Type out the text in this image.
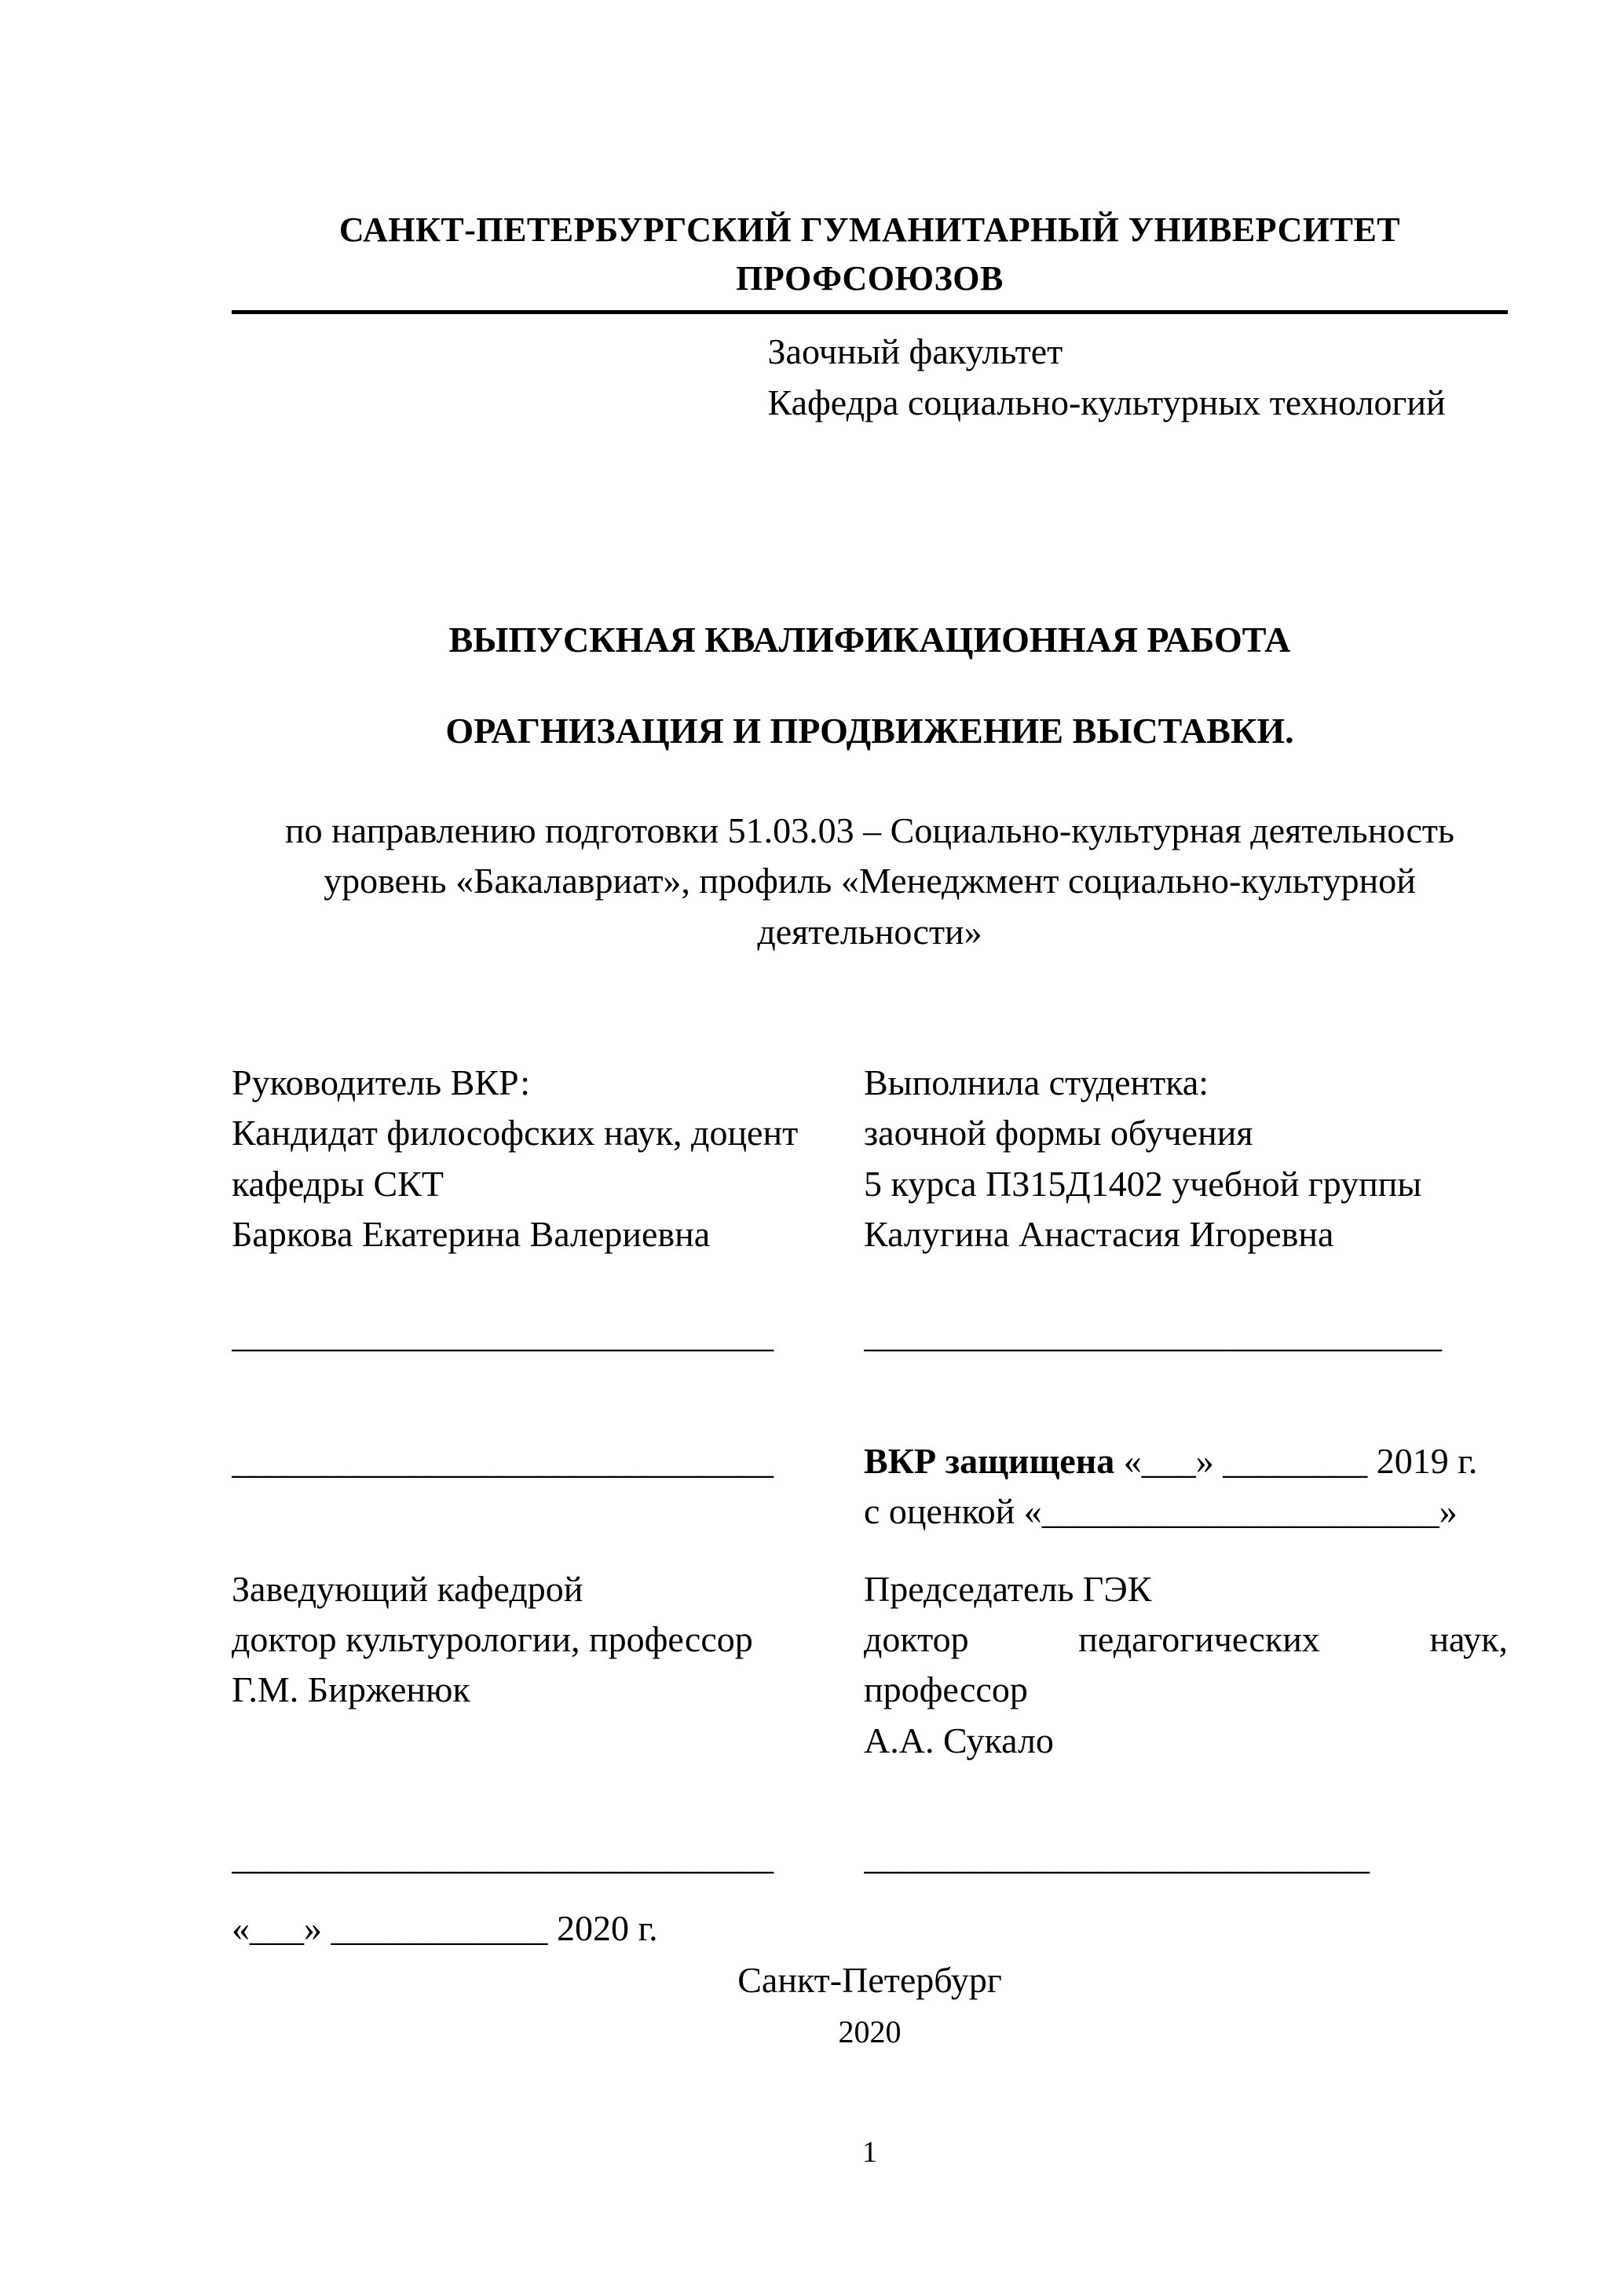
САНКТ-ПЕТЕРБУРГСКИЙ ГУМАНИТАРНЫЙ УНИВЕРСИТЕТ ПРОФСОЮЗОВ
Заочный факультет
Кафедра социально-культурных технологий
ВЫПУСКНАЯ КВАЛИФИКАЦИОННАЯ РАБОТА
ОРАГНИЗАЦИЯ И ПРОДВИЖЕНИЕ ВЫСТАВКИ.
по направлению подготовки 51.03.03 – Социально-культурная деятельность
уровень «Бакалавриат», профиль «Менеджмент социально-культурной
деятельности»
Руководитель ВКР:
Кандидат философских наук, доцент
кафедры СКТ
Баркова Екатерина Валериевна
Выполнила студентка:
заочной формы обучения
5 курса ПЗ15Д1402 учебной группы
Калугина Анастасия Игоревна
______________________________	________________________________
______________________________	ВКР защищена «___» ________ 2019 г.
с оценкой «______________________»
Заведующий кафедрой
доктор культурологии, профессор
Г.М. Бирженюк
Председатель ГЭК
доктор педагогических наук,
профессор
А.А. Сукало
______________________________	____________________________
«___» ____________ 2020 г.
Санкт-Петербург
2020
1
